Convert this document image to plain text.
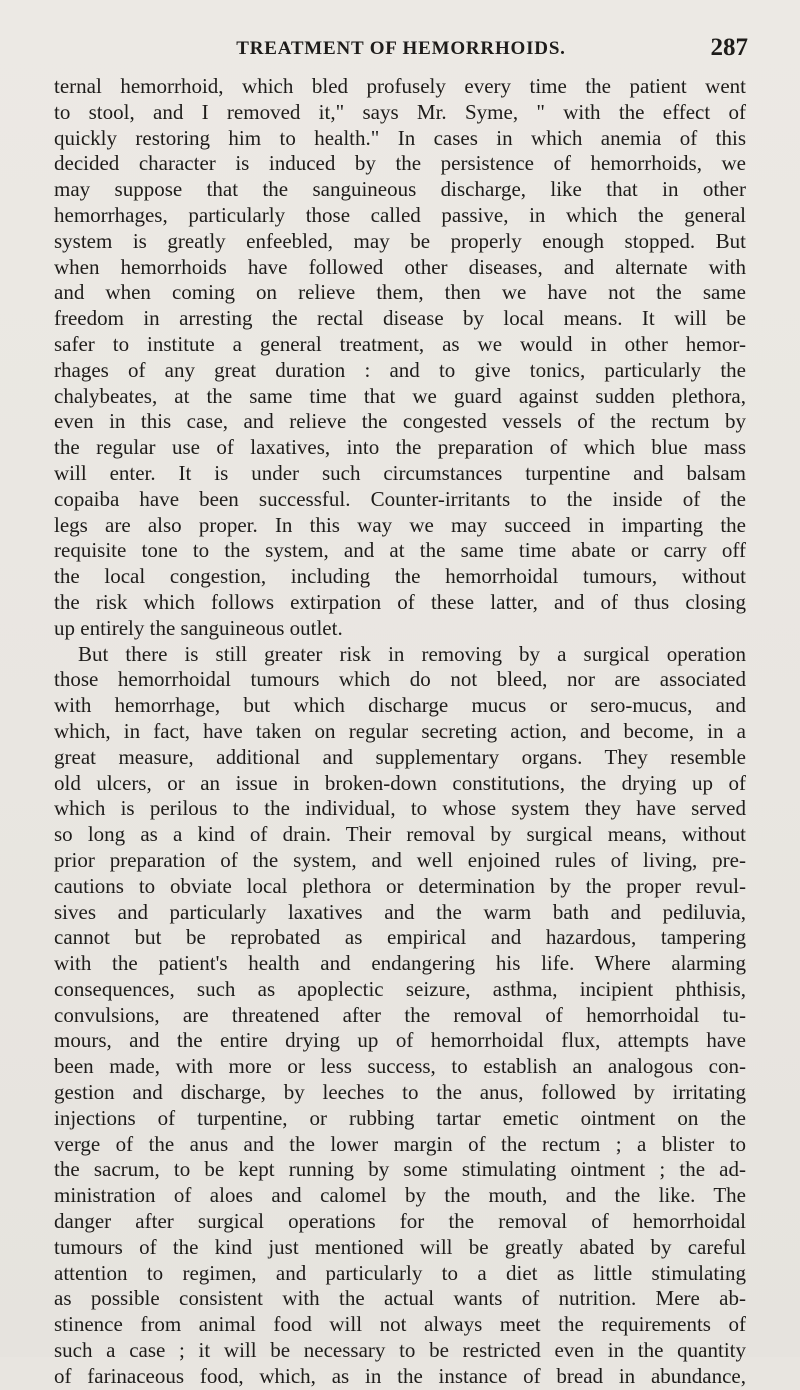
TREATMENT OF HEMORRHOIDS.	287
ternal hemorrhoid, which bled profusely every time the patient went
to stool, and I removed it," says Mr. Syme, " with the effect of
quickly restoring him to health." In cases in which anemia of this
decided character is induced by the persistence of hemorrhoids, we
may suppose that the sanguineous discharge, like that in other
hemorrhages, particularly those called passive, in which the general
system is greatly enfeebled, may be properly enough stopped. But
when hemorrhoids have followed other diseases, and alternate with
and when coming on relieve them, then we have not the same
freedom in arresting the rectal disease by local means. It will be
safer to institute a general treatment, as we would in other hemor-
rhages of any great duration : and to give tonics, particularly the
chalybeates, at the same time that we guard against sudden plethora,
even in this case, and relieve the congested vessels of the rectum by
the regular use of laxatives, into the preparation of which blue mass
will enter. It is under such circumstances turpentine and balsam
copaiba have been successful. Counter-irritants to the inside of the
legs are also proper. In this way we may succeed in imparting the
requisite tone to the system, and at the same time abate or carry off
the local congestion, including the hemorrhoidal tumours, without
the risk which follows extirpation of these latter, and of thus closing
up entirely the sanguineous outlet.
But there is still greater risk in removing by a surgical operation
those hemorrhoidal tumours which do not bleed, nor are associated
with hemorrhage, but which discharge mucus or sero-mucus, and
which, in fact, have taken on regular secreting action, and become, in a
great measure, additional and supplementary organs. They resemble
old ulcers, or an issue in broken-down constitutions, the drying up of
which is perilous to the individual, to whose system they have served
so long as a kind of drain. Their removal by surgical means, without
prior preparation of the system, and well enjoined rules of living, pre-
cautions to obviate local plethora or determination by the proper revul-
sives and particularly laxatives and the warm bath and pediluvia,
cannot but be reprobated as empirical and hazardous, tampering
with the patient's health and endangering his life. Where alarming
consequences, such as apoplectic seizure, asthma, incipient phthisis,
convulsions, are threatened after the removal of hemorrhoidal tu-
mours, and the entire drying up of hemorrhoidal flux, attempts have
been made, with more or less success, to establish an analogous con-
gestion and discharge, by leeches to the anus, followed by irritating
injections of turpentine, or rubbing tartar emetic ointment on the
verge of the anus and the lower margin of the rectum ; a blister to
the sacrum, to be kept running by some stimulating ointment ; the ad-
ministration of aloes and calomel by the mouth, and the like. The
danger after surgical operations for the removal of hemorrhoidal
tumours of the kind just mentioned will be greatly abated by careful
attention to regimen, and particularly to a diet as little stimulating
as possible consistent with the actual wants of nutrition. Mere ab-
stinence from animal food will not always meet the requirements of
such a case ; it will be necessary to be restricted even in the quantity
of farinaceous food, which, as in the instance of bread in abundance,
